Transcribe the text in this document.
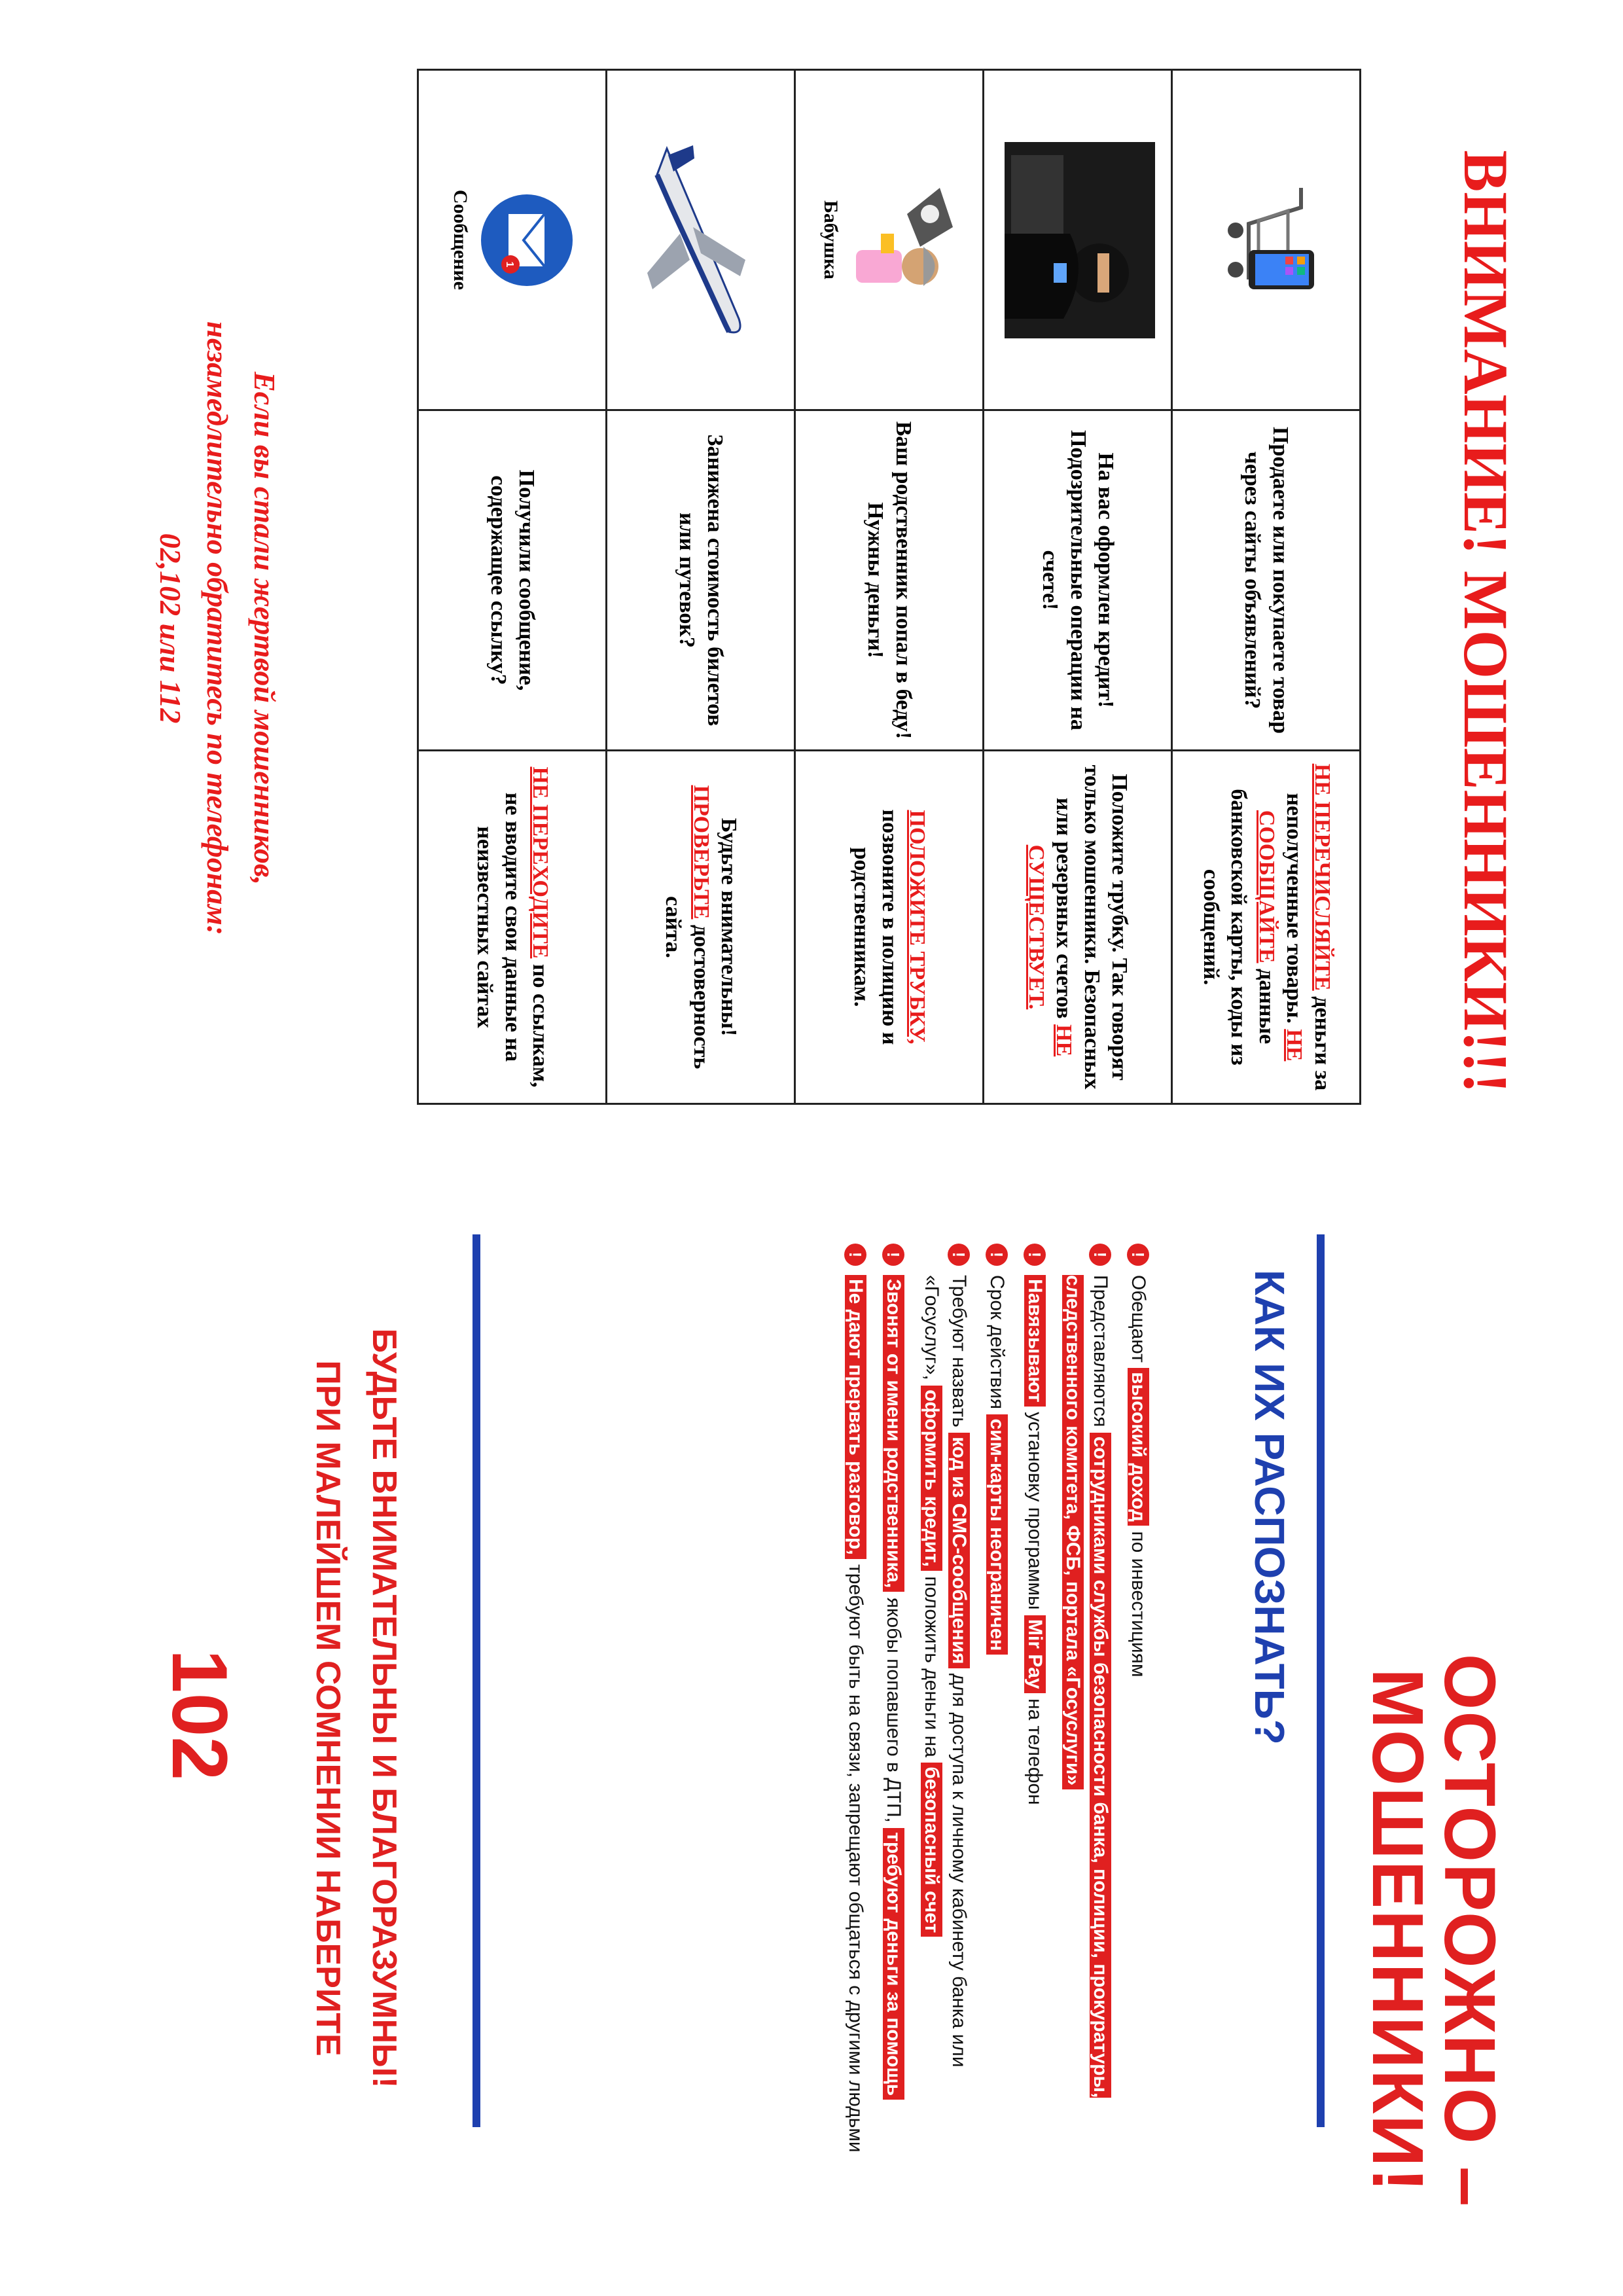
ВНИМАНИЕ! МОШЕННИКИ!!!
	Продаете или покупаете товар через сайты объявлений?	НЕ ПЕРЕЧИСЛЯЙТЕ деньги за неполученные товары. НЕ СООБЩАЙТЕ данные банковской карты, коды из сообщений.

	На вас оформлен кредит! Подозрительные операции на счете!	Положите трубку. Так говорят только мошенники. Безопасных или резервных счетов НЕ СУЩЕСТВУЕТ.

Бабушка	Ваш родственник попал в беду! Нужны деньги!	ПОЛОЖИТЕ ТРУБКУ, позвоните в полицию и родственникам.

	Занижена стоимость билетов или путевок?	Будьте внимательны! ПРОВЕРЬТЕ достоверность сайта.

1
Сообщение	Получили сообщение, содержащее ссылку?	НЕ ПЕРЕХОДИТЕ по ссылкам, не вводите свои данные на неизвестных сайтах
Если вы стали жертвой мошенников,
незамедлительно обратитесь по телефонам:
02,102 или 112
ОСТОРОЖНО –
МОШЕННИКИ!
КАК ИХ РАСПОЗНАТЬ?
!
Обещают высокий доход по инвестициям
!
Представляются сотрудниками службы безопасности банка, полиции, прокуратуры, следственного комитета, ФСБ, портала «Госуслуги»
!
Навязывают установку программы Mir Pay на телефон
!
Срок действия сим-карты неограничен
!
Требуют назвать код из СМС-сообщения для доступа к личному кабинету банка или «Госуслуг», оформить кредит, положить деньги на безопасный счет
!
Звонят от имени родственника, якобы попавшего в ДТП, требуют деньги за помощь
!
Не дают прервать разговор, требуют быть на связи, запрещают общаться с другими людьми
БУДЬТЕ ВНИМАТЕЛЬНЫ И БЛАГОРАЗУМНЫ!
ПРИ МАЛЕЙШЕМ СОМНЕНИИ НАБЕРИТЕ
102
